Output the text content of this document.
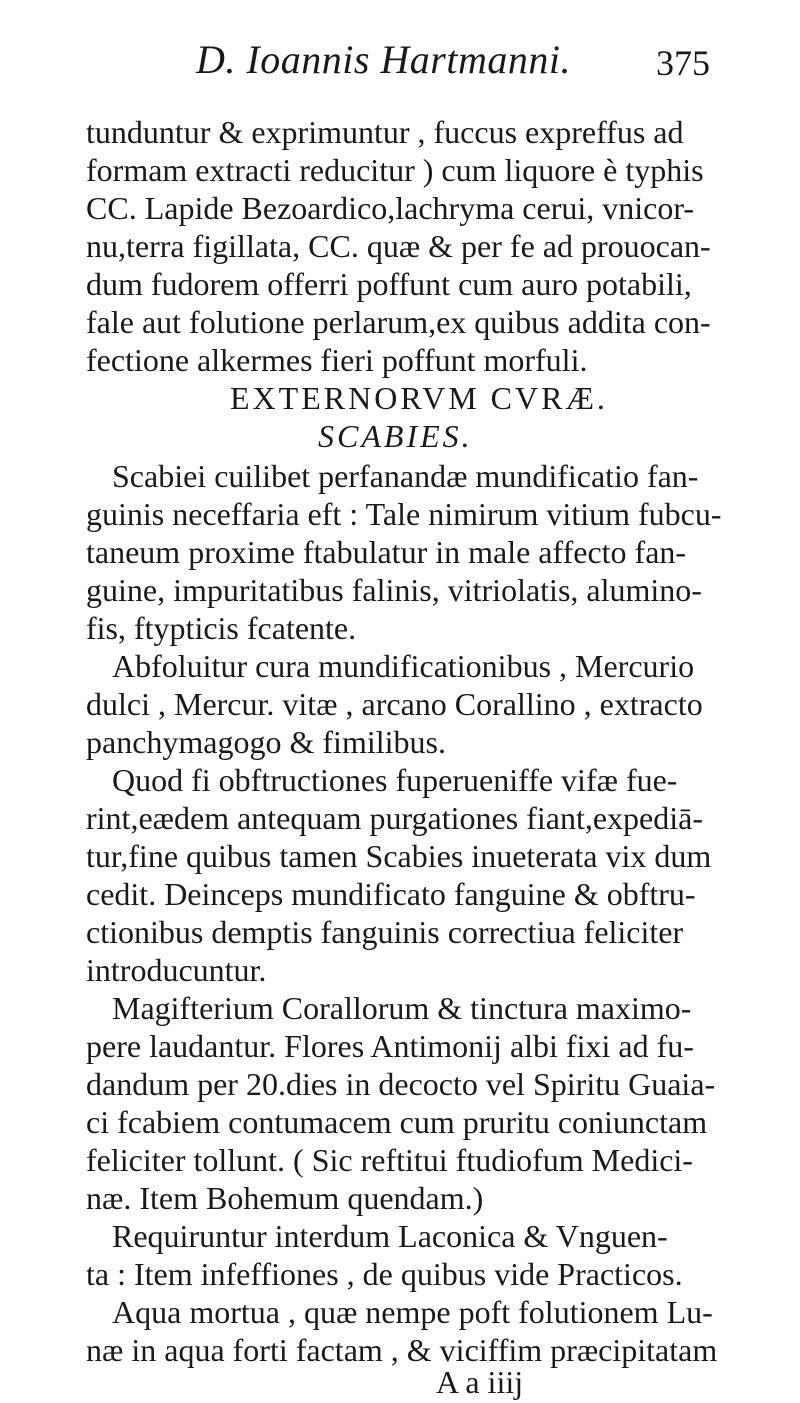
D. Ioannis Hartmanni. 375
tunduntur & exprimuntur , fuccus expreffus ad
formam extracti reducitur ) cum liquore è typhis
CC. Lapide Bezoardico,lachryma cerui, vnicor-
nu,terra figillata, CC. quæ & per fe ad prouocan-
dum fudorem offerri poffunt cum auro potabili,
fale aut folutione perlarum,ex quibus addita con-
fectione alkermes fieri poffunt morfuli.
EXTERNORVM CVRÆ.
SCABIES.
Scabiei cuilibet perfanandæ mundificatio fan-
guinis neceffaria eft : Tale nimirum vitium fubcu-
taneum proxime ftabulatur in male affecto fan-
guine, impuritatibus falinis, vitriolatis, alumino-
fis, ftypticis fcatente.
Abfoluitur cura mundificationibus , Mercurio
dulci , Mercur. vitæ , arcano Corallino , extracto
panchymagogo & fimilibus.
Quod fi obftructiones fuperueniffe vifæ fue-
rint,eædem antequam purgationes fiant,expediā-
tur,fine quibus tamen Scabies inueterata vix dum
cedit. Deinceps mundificato fanguine & obftru-
ctionibus demptis fanguinis correctiua feliciter
introducuntur.
Magifterium Corallorum & tinctura maximo-
pere laudantur. Flores Antimonij albi fixi ad fu-
dandum per 20.dies in decocto vel Spiritu Guaia-
ci fcabiem contumacem cum pruritu coniunctam
feliciter tollunt. ( Sic reftitui ftudiofum Medici-
næ. Item Bohemum quendam.)
Requiruntur interdum Laconica & Vnguen-
ta : Item infeffiones , de quibus vide Practicos.
Aqua mortua , quæ nempe poft folutionem Lu-
næ in aqua forti factam , & viciffim præcipitatam
A a iiij
